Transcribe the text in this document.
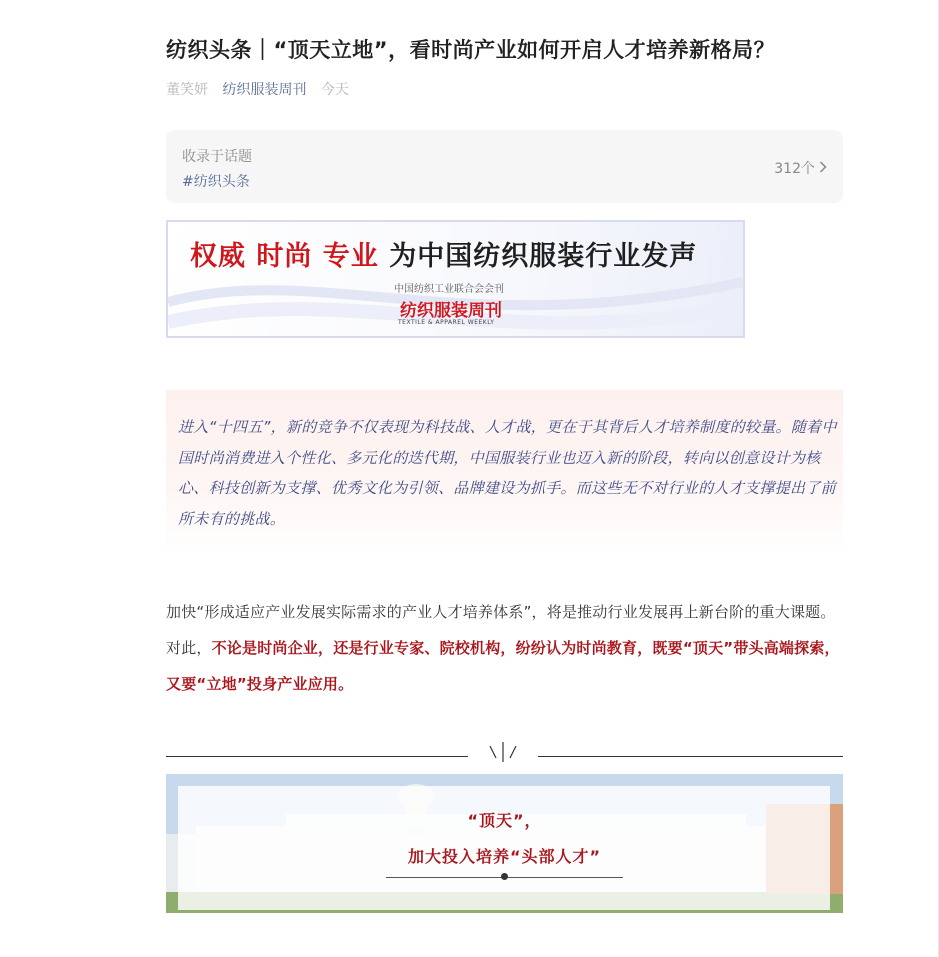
纺织头条｜“顶天立地”，看时尚产业如何开启人才培养新格局？
董笑妍 纺织服装周刊 今天
收录于话题
#纺织头条
312个
权威 时尚 专业 为中国纺织服装行业发声
中国纺织工业联合会会刊
纺织服装周刊
TEXTILE & APPAREL WEEKLY

进入“十四五”，新的竞争不仅表现为科技战、人才战，更在于其背后人才培养制度的较量。随着中国时尚消费进入个性化、多元化的迭代期，中国服装行业也迈入新的阶段，转向以创意设计为核心、科技创新为支撑、优秀文化为引领、品牌建设为抓手。而这些无不对行业的人才支撑提出了前所未有的挑战。

加快“形成适应产业发展实际需求的产业人才培养体系”，将是推动行业发展再上新台阶的重大课题。对此，不论是时尚企业，还是行业专家、院校机构，纷纷认为时尚教育，既要“顶天”带头高端探索，又要“立地”投身产业应用。
“顶天”，
加大投入培养“头部人才”
